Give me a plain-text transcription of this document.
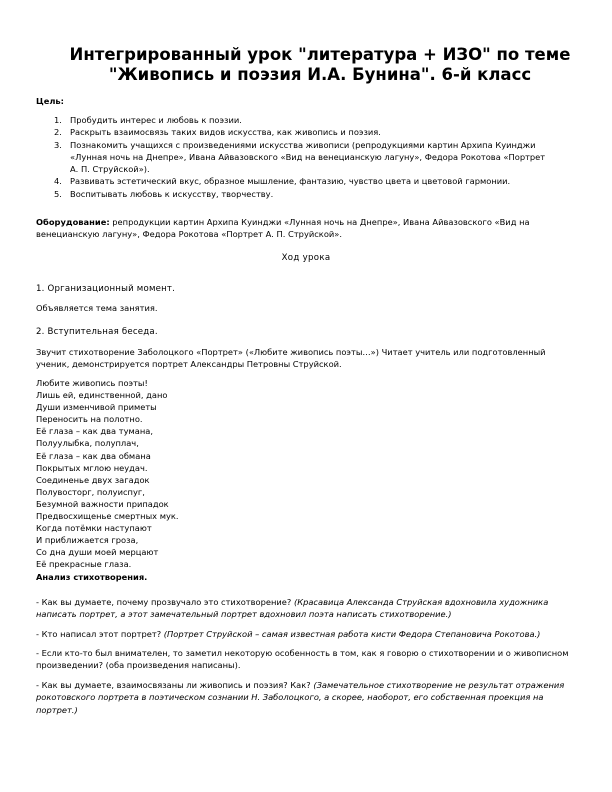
Интегрированный урок "литература + ИЗО" по теме
"Живопись и поэзия И.А. Бунина". 6-й класс
Цель:
1. Пробудить интерес и любовь к поэзии.
2. Раскрыть взаимосвязь таких видов искусства, как живопись и поэзия.
3. Познакомить учащихся с произведениями искусства живописи (репродукциями картин Архипа Куинджи «Лунная ночь на Днепре», Ивана Айвазовского «Вид на венецианскую лагуну», Федора Рокотова «Портрет А. П. Струйской»).
4. Развивать эстетический вкус, образное мышление, фантазию, чувство цвета и цветовой гармонии.
5. Воспитывать любовь к искусству, творчеству.
Оборудование: репродукции картин Архипа Куинджи «Лунная ночь на Днепре», Ивана Айвазовского «Вид на венецианскую лагуну», Федора Рокотова «Портрет А. П. Струйской».
Ход урока
1. Организационный момент.
Объявляется тема занятия.
2. Вступительная беседа.
Звучит стихотворение Заболоцкого «Портрет» («Любите живопись поэты…») Читает учитель или подготовленный ученик, демонстрируется портрет Александры Петровны Струйской.
Любите живопись поэты!
Лишь ей, единственной, дано
Души изменчивой приметы
Переносить на полотно.
Её глаза – как два тумана,
Полуулыбка, полуплач,
Её глаза – как два обмана
Покрытых мглою неудач.
Соединенье двух загадок
Полувосторг, полуиспуг,
Безумной важности припадок
Предвосхищенье смертных мук.
Когда потёмки наступают
И приближается гроза,
Со дна души моей мерцают
Её прекрасные глаза.
Анализ стихотворения.
- Как вы думаете, почему прозвучало это стихотворение? (Красавица Александа Струйская вдохновила художника написать портрет, а этот замечательный портрет вдохновил поэта написать стихотворение.)
- Кто написал этот портрет? (Портрет Струйской – самая известная работа кисти Федора Степановича Рокотова.)
- Если кто-то был внимателен, то заметил некоторую особенность в том, как я говорю о стихотворении и о живописном произведении? (оба произведения написаны).
- Как вы думаете, взаимосвязаны ли живопись и поэзия? Как? (Замечательное стихотворение не результат отражения рокотовского портрета в поэтическом сознании Н. Заболоцкого, а скорее, наоборот, его собственная проекция на портрет.)
